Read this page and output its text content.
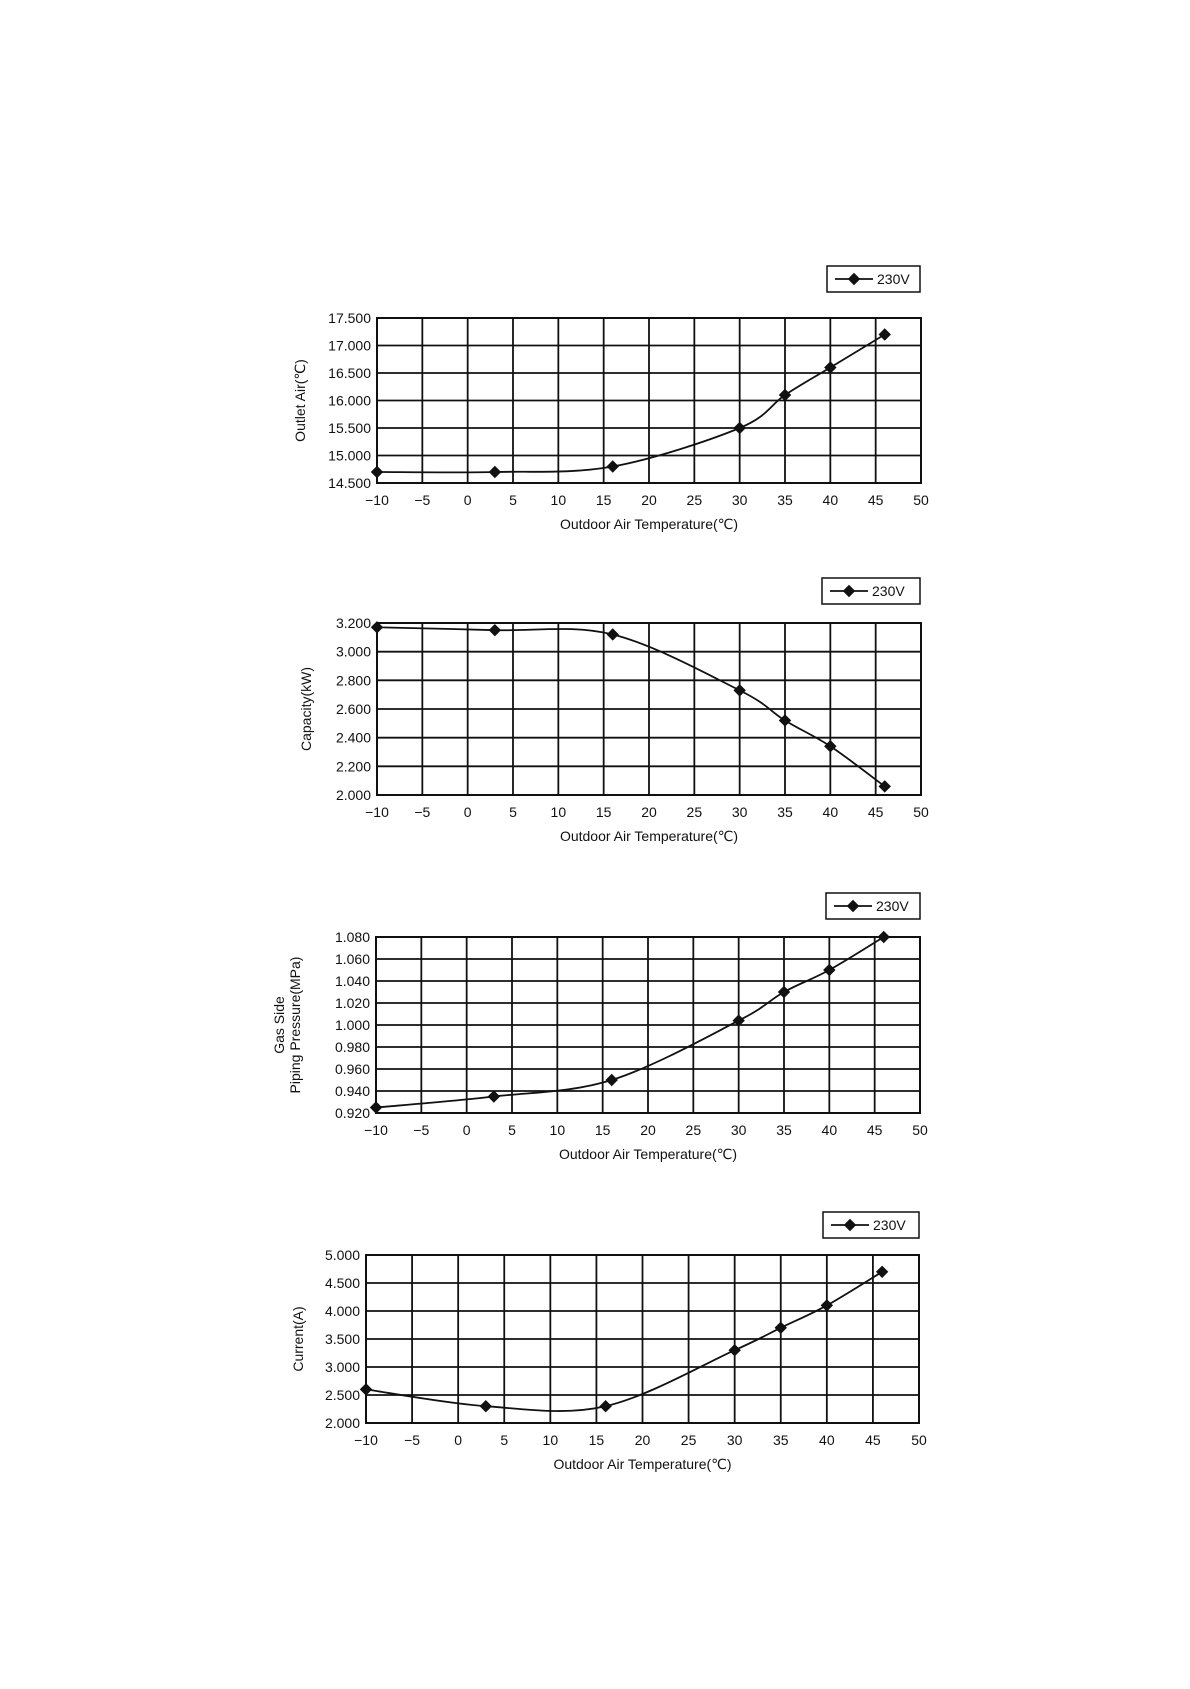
−10 −5 0	5 10 15 20 25 30 35 40 45 50
14.500
15.000
15.500
16.000
16.500
17.000
17.500
Outdoor Air Temperature(℃)
Outlet Air(℃)
230V
−10 −5 0	5 10 15 20 25 30 35 40 45 50
2.000
2.200
2.400
2.600
2.800
3.000
3.200
Outdoor Air Temperature(℃)
Capacity(kW)
230V
−10 −5 0	5 10 15 20 25 30 35 40 45 50
0.920
0.940
0.960
0.980
1.000
1.020
1.040
1.060
1.080
Outdoor Air Temperature(℃)
Gas SidePiping Pressure(MPa)
230V
−10 −5 0	5 10 15 20 25 30 35 40 45 50
2.000
2.500
3.000
3.500
4.000
4.500
5.000
Outdoor Air Temperature(℃)
Current(A)
230V
